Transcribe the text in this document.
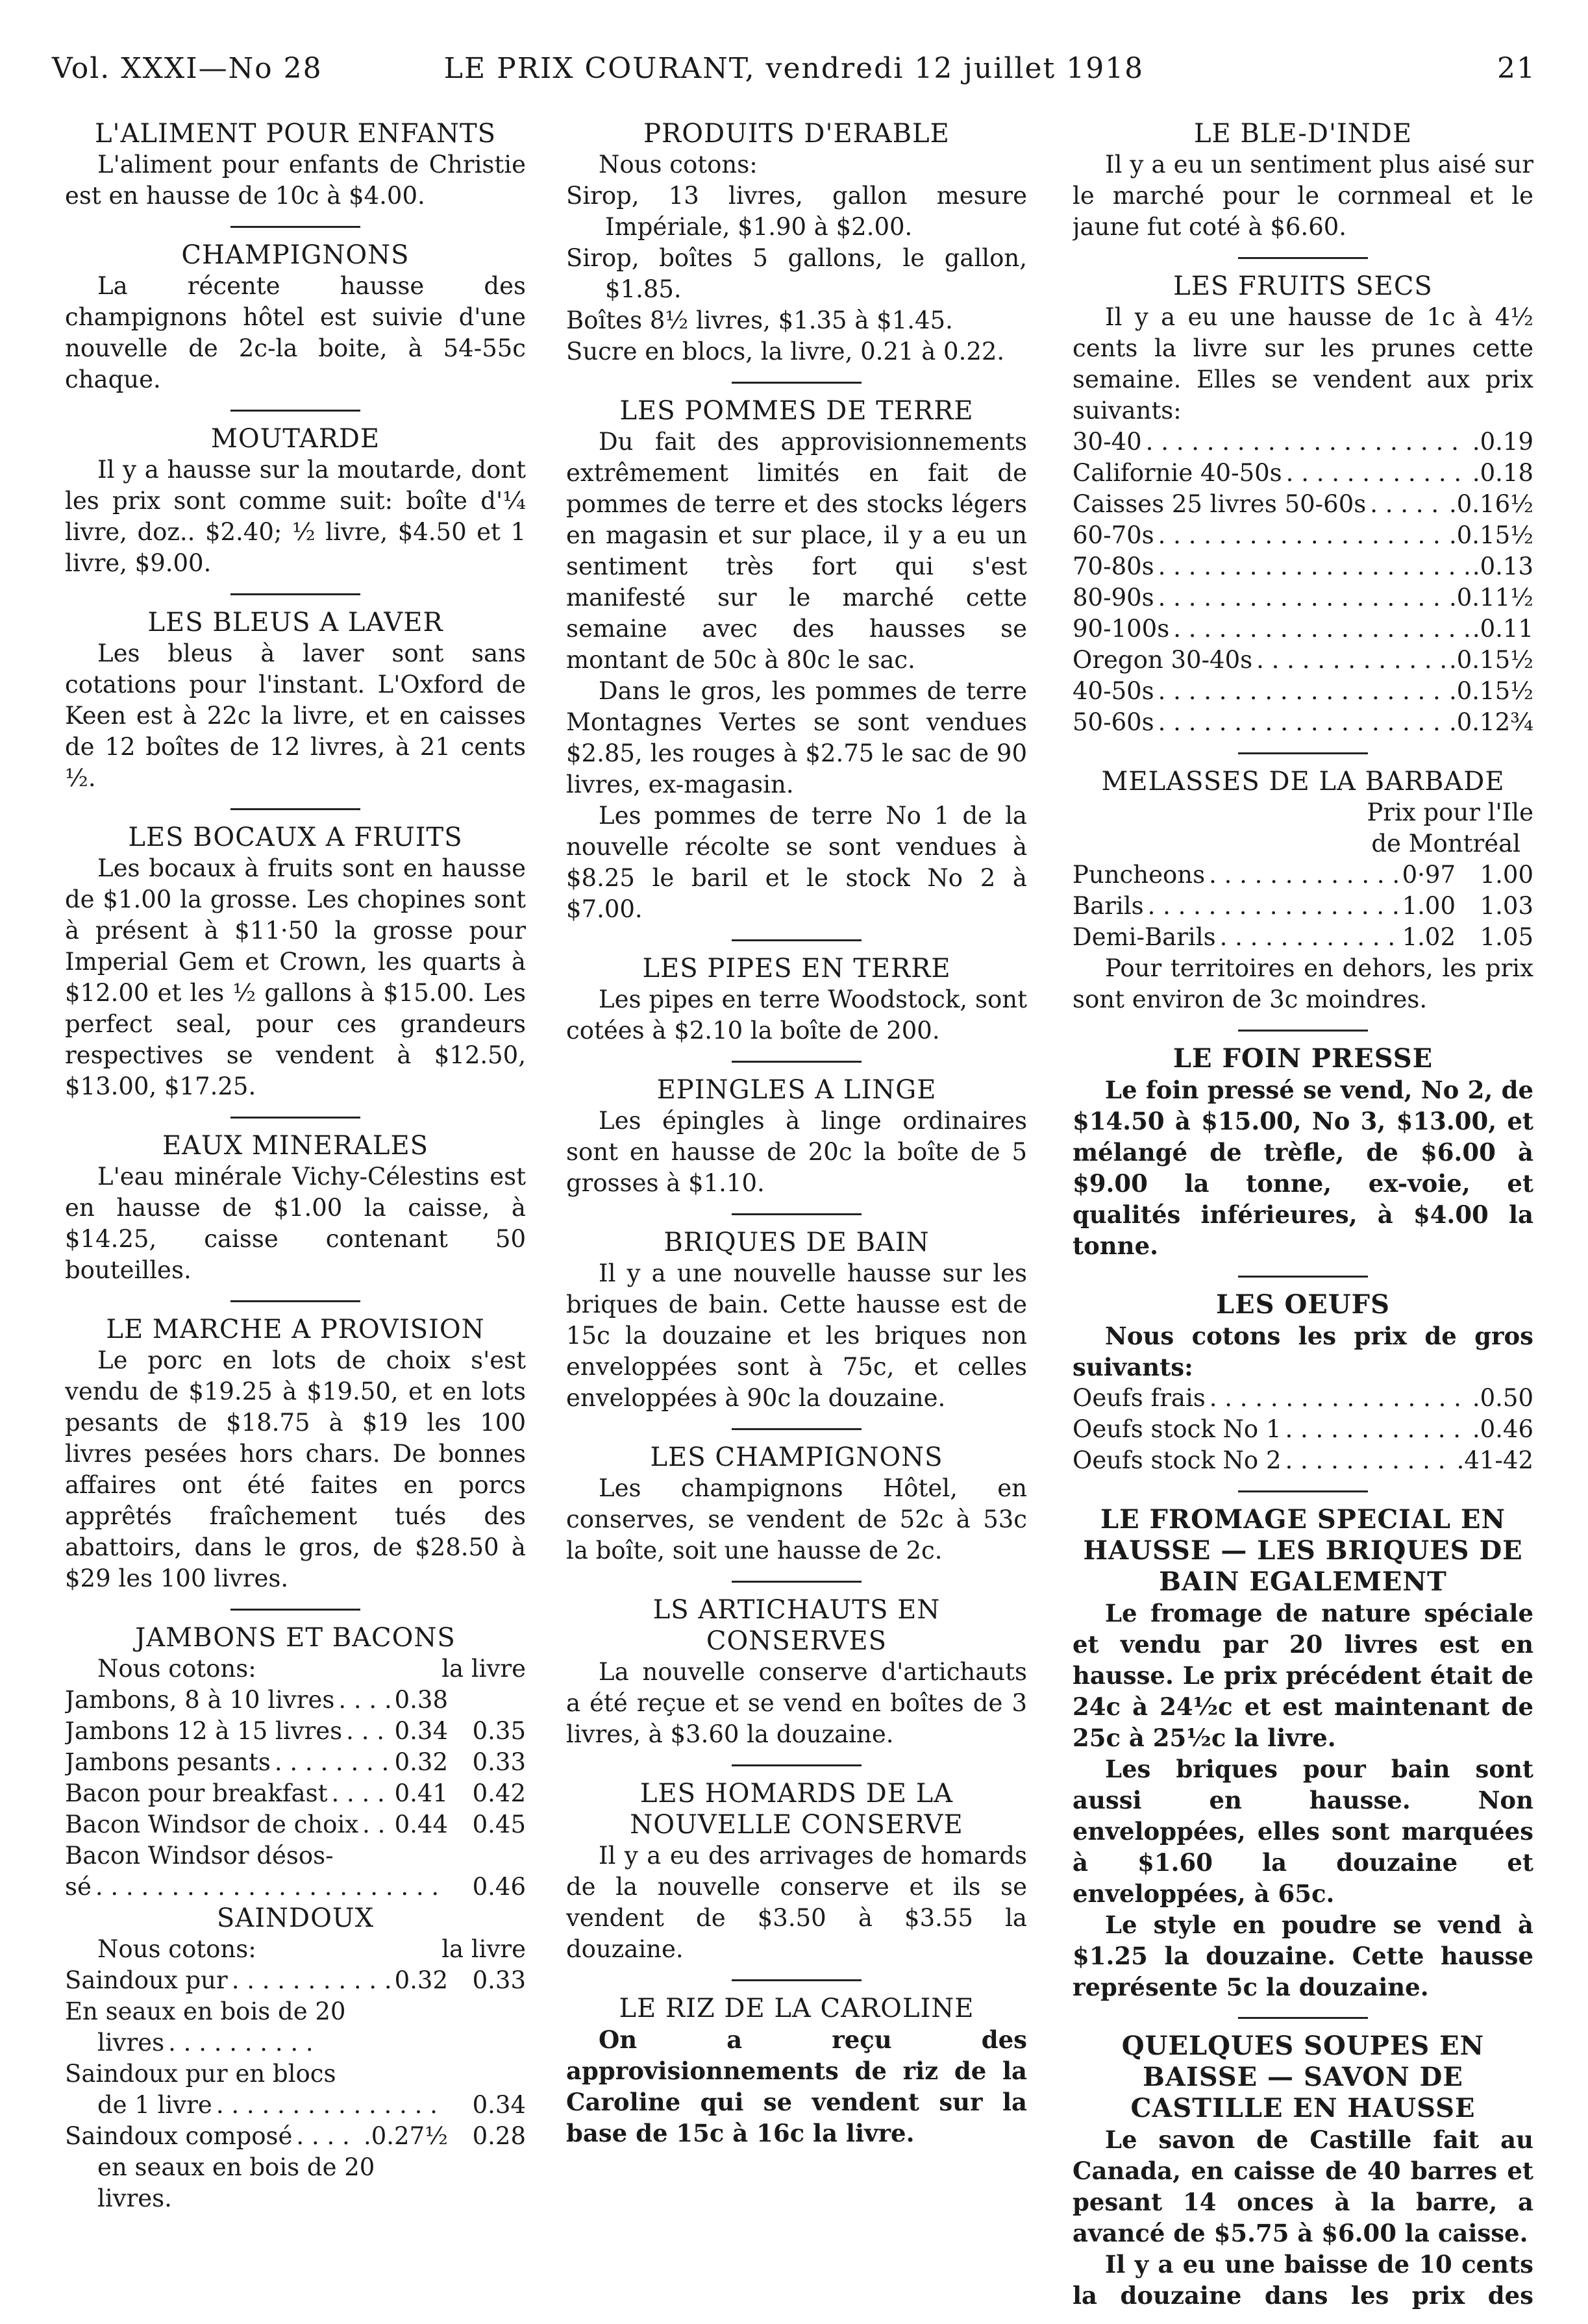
Vol. XXXI—No 28	LE PRIX COURANT, vendredi 12 juillet 1918	21
L'ALIMENT POUR ENFANTS

L'aliment pour enfants de Christie est en hausse de 10c à $4.00.

CHAMPIGNONS

La récente hausse des champignons hôtel est suivie d'une nouvelle de 2c-la boite, à 54-55c chaque.

MOUTARDE

Il y a hausse sur la moutarde, dont les prix sont comme suit: boîte d'¼ livre, doz.. $2.40; ½ livre, $4.50 et 1 livre, $9.00.

LES BLEUS A LAVER

Les bleus à laver sont sans cotations pour l'instant. L'Oxford de Keen est à 22c la livre, et en caisses de 12 boîtes de 12 livres, à 21 cents ½.

LES BOCAUX A FRUITS

Les bocaux à fruits sont en hausse de $1.00 la grosse. Les chopines sont à présent à $11·50 la grosse pour Imperial Gem et Crown, les quarts à $12.00 et les ½ gallons à $15.00. Les perfect seal, pour ces grandeurs respectives se vendent à $12.50, $13.00, $17.25.

EAUX MINERALES

L'eau minérale Vichy-Célestins est en hausse de $1.00 la caisse, à $14.25, caisse contenant 50 bouteilles.

LE MARCHE A PROVISION

Le porc en lots de choix s'est vendu de $19.25 à $19.50, et en lots pesants de $18.75 à $19 les 100 livres pesées hors chars. De bonnes affaires ont été faites en porcs apprêtés fraîchement tués des abattoirs, dans le gros, de $28.50 à $29 les 100 livres.

JAMBONS ET BACONS
Nous cotons:	la livre
Jambons, 8 à 10 livres . . . 0.38
Jambons 12 à 15 livres . . . 0.34	0.35
Jambons pesants . . .	0.32	0.33
Bacon pour breakfast . . .	0.41	0.42
Bacon Windsor de choix . . . 0.44	0.45

Bacon Windsor désos-

sé . . .	0.46
SAINDOUX
Nous cotons:	la livre
Saindoux pur . . .	0.32	0.33

En seaux en bois de 20

livres
. . .

Saindoux pur en blocs

de 1 livre . . .	0.34
Saindoux composé . . .	.0.27½	0.28

en seaux en bois de 20

livres.

PRODUITS D'ERABLE

Nous cotons:

Sirop, 13 livres, gallon mesure Impériale, $1.90 à $2.00.

Sirop, boîtes 5 gallons, le gallon, $1.85.

Boîtes 8½ livres, $1.35 à $1.45.

Sucre en blocs, la livre, 0.21 à 0.22.

LES POMMES DE TERRE

Du fait des approvisionnements extrêmement limités en fait de pommes de terre et des stocks légers en magasin et sur place, il y a eu un sentiment très fort qui s'est manifesté sur le marché cette semaine avec des hausses se montant de 50c à 80c le sac.

Dans le gros, les pommes de terre Montagnes Vertes se sont vendues $2.85, les rouges à $2.75 le sac de 90 livres, ex-magasin.

Les pommes de terre No 1 de la nouvelle récolte se sont vendues à $8.25 le baril et le stock No 2 à $7.00.

LES PIPES EN TERRE

Les pipes en terre Woodstock, sont cotées à $2.10 la boîte de 200.

EPINGLES A LINGE

Les épingles à linge ordinaires sont en hausse de 20c la boîte de 5 grosses à $1.10.

BRIQUES DE BAIN

Il y a une nouvelle hausse sur les briques de bain. Cette hausse est de 15c la douzaine et les briques non enveloppées sont à 75c, et celles enveloppées à 90c la douzaine.

LES CHAMPIGNONS

Les champignons Hôtel, en conserves, se vendent de 52c à 53c la boîte, soit une hausse de 2c.

LS ARTICHAUTS EN CONSERVES

La nouvelle conserve d'artichauts a été reçue et se vend en boîtes de 3 livres, à $3.60 la douzaine.

LES HOMARDS DE LA NOUVELLE CONSERVE

Il y a eu des arrivages de homards de la nouvelle conserve et ils se vendent de $3.50 à $3.55 la douzaine.

LE RIZ DE LA CAROLINE

On a reçu des approvisionnements de riz de la Caroline qui se vendent sur la base de 15c à 16c la livre.

LE BLE-D'INDE

Il y a eu un sentiment plus aisé sur le marché pour le cornmeal et le jaune fut coté à $6.60.

LES FRUITS SECS

Il y a eu une hausse de 1c à 4½ cents la livre sur les prunes cette semaine. Elles se vendent aux prix suivants:

30-40 . . .	.0.19
Californie 40-50s . . .	.0.18
Caisses 25 livres 50-60s . . .	.0.16½
60-70s . . .	.0.15½
70-80s . . .	.0.13
80-90s . . .	.0.11½
90-100s . . .	.0.11
Oregon 30-40s . . .	.0.15½
40-50s . . .	.0.15½
50-60s . . .	.0.12¾
MELASSES DE LA BARBADE

Prix pour l'Ile

de Montréal

Puncheons . . .	0·97	1.00
Barils . . .	1.00	1.03
Demi-Barils . . .	1.02	1.05

Pour territoires en dehors, les prix sont environ de 3c moindres.

LE FOIN PRESSE

Le foin pressé se vend, No 2, de $14.50 à $15.00, No 3, $13.00, et mélangé de trèfle, de $6.00 à $9.00 la tonne, ex-voie, et qualités inférieures, à $4.00 la tonne.

LES OEUFS

Nous cotons les prix de gros suivants:

Oeufs frais . . .	.0.50
Oeufs stock No 1 . . .	.0.46
Oeufs stock No 2 . . .	.41-42
LE FROMAGE SPECIAL EN HAUSSE — LES BRIQUES DE BAIN EGALEMENT

Le fromage de nature spéciale et vendu par 20 livres est en hausse. Le prix précédent était de 24c à 24½c et est maintenant de 25c à 25½c la livre.

Les briques pour bain sont aussi en hausse. Non enveloppées, elles sont marquées à $1.60 la douzaine et enveloppées, à 65c.

Le style en poudre se vend à $1.25 la douzaine. Cette hausse représente 5c la douzaine.

QUELQUES SOUPES EN BAISSE — SAVON DE CASTILLE EN HAUSSE

Le savon de Castille fait au Canada, en caisse de 40 barres et pesant 14 onces à la barre, a avancé de $5.75 à $6.00 la caisse.

Il y a eu une baisse de 10 cents la douzaine dans les prix des
